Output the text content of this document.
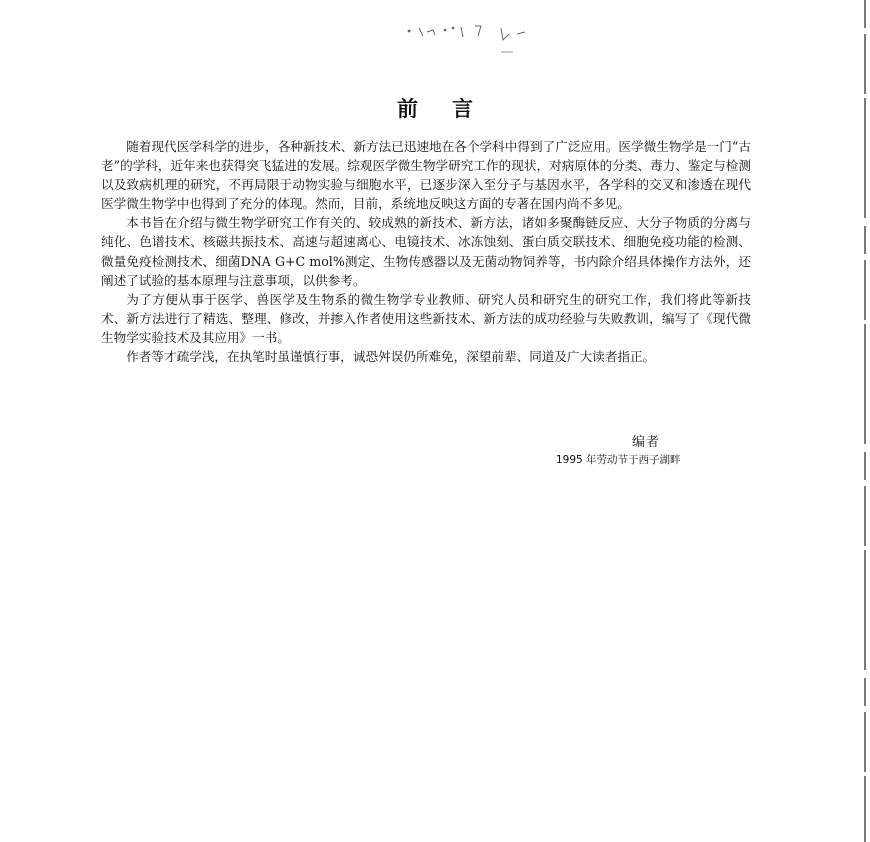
前 言

随着现代医学科学的进步，各种新技术、新方法已迅速地在各个学科中得到了广泛应用。医学微生物学是一门“古老”的学科，近年来也获得突飞猛进的发展。综观医学微生物学研究工作的现状，对病原体的分类、毒力、鉴定与检测以及致病机理的研究，不再局限于动物实验与细胞水平，已逐步深入至分子与基因水平，各学科的交叉和渗透在现代医学微生物学中也得到了充分的体现。然而，目前，系统地反映这方面的专著在国内尚不多见。

本书旨在介绍与微生物学研究工作有关的、较成熟的新技术、新方法，诸如多聚酶链反应、大分子物质的分离与纯化、色谱技术、核磁共振技术、高速与超速离心、电镜技术、冰冻蚀刻、蛋白质交联技术、细胞免疫功能的检测、微量免疫检测技术、细菌DNA G+C mol%测定、生物传感器以及无菌动物饲养等，书内除介绍具体操作方法外，还阐述了试验的基本原理与注意事项，以供参考。

为了方便从事于医学、兽医学及生物系的微生物学专业教师、研究人员和研究生的研究工作，我们将此等新技术、新方法进行了精选、整理、修改，并掺入作者使用这些新技术、新方法的成功经验与失败教训，编写了《现代微生物学实验技术及其应用》一书。

作者等才疏学浅，在执笔时虽谨慎行事，诚恐舛误仍所难免，深望前辈、同道及广大读者指正。

编者
1995 年劳动节于西子湖畔
